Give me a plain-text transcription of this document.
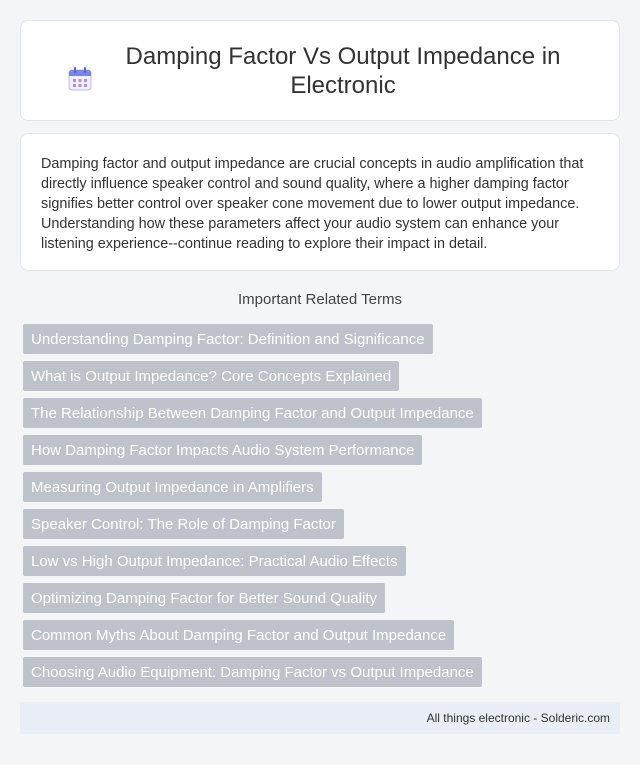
Damping Factor Vs Output Impedance in Electronic

Damping factor and output impedance are crucial concepts in audio amplification that directly influence speaker control and sound quality, where a higher damping factor signifies better control over speaker cone movement due to lower output impedance. Understanding how these parameters affect your audio system can enhance your listening experience--continue reading to explore their impact in detail.

Important Related Terms
Understanding Damping Factor: Definition and Significance
What is Output Impedance? Core Concepts Explained
The Relationship Between Damping Factor and Output Impedance
How Damping Factor Impacts Audio System Performance
Measuring Output Impedance in Amplifiers
Speaker Control: The Role of Damping Factor
Low vs High Output Impedance: Practical Audio Effects
Optimizing Damping Factor for Better Sound Quality
Common Myths About Damping Factor and Output Impedance
Choosing Audio Equipment: Damping Factor vs Output Impedance
All things electronic - Solderic.com
